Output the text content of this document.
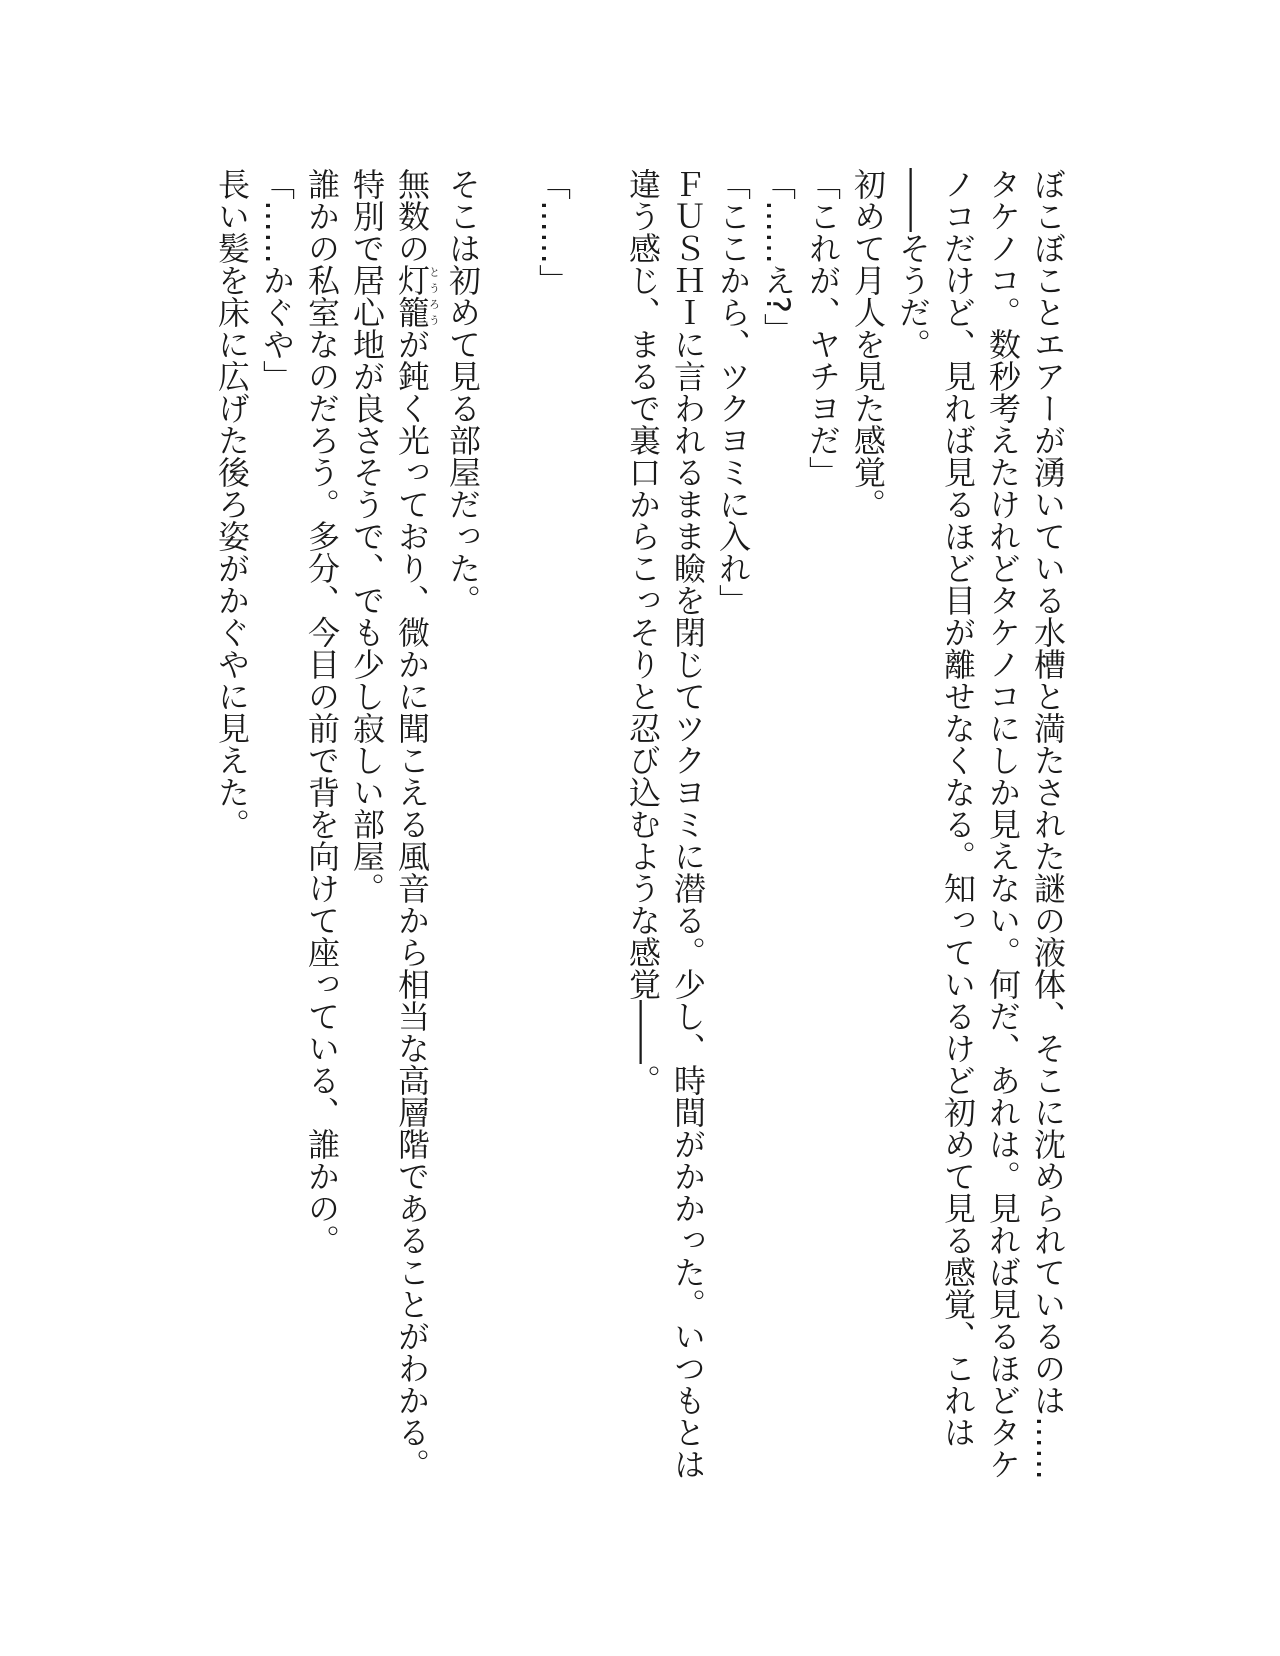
ぼこぼことエアーが湧いている水槽と満たされた謎の液体、そこに沈められているのは……タケノコ。数秒考えたけれどタケノコにしか見えない。何だ、あれは。見れば見るほどタケノコだけど、見れば見るほど目が離せなくなる。知っているけど初めて見る感覚、これは――そうだ。

初めて月人を見た感覚。

「これが、ヤチヨだ」

「……え?」

「ここから、ツクヨミに入れ」

ＦＵＳＨＩに言われるまま瞼を閉じてツクヨミに潜る。少し、時間がかかった。いつもとは違う感じ、まるで裏口からこっそりと忍び込むような感覚――。

「……」

そこは初めて見る部屋だった。

無数の灯籠とうろうが鈍く光っており、微かに聞こえる風音から相当な高層階であることがわかる。

特別で居心地が良さそうで、でも少し寂しい部屋。

誰かの私室なのだろう。多分、今目の前で背を向けて座っている、誰かの。

「……かぐや」

長い髪を床に広げた後ろ姿がかぐやに見えた。
